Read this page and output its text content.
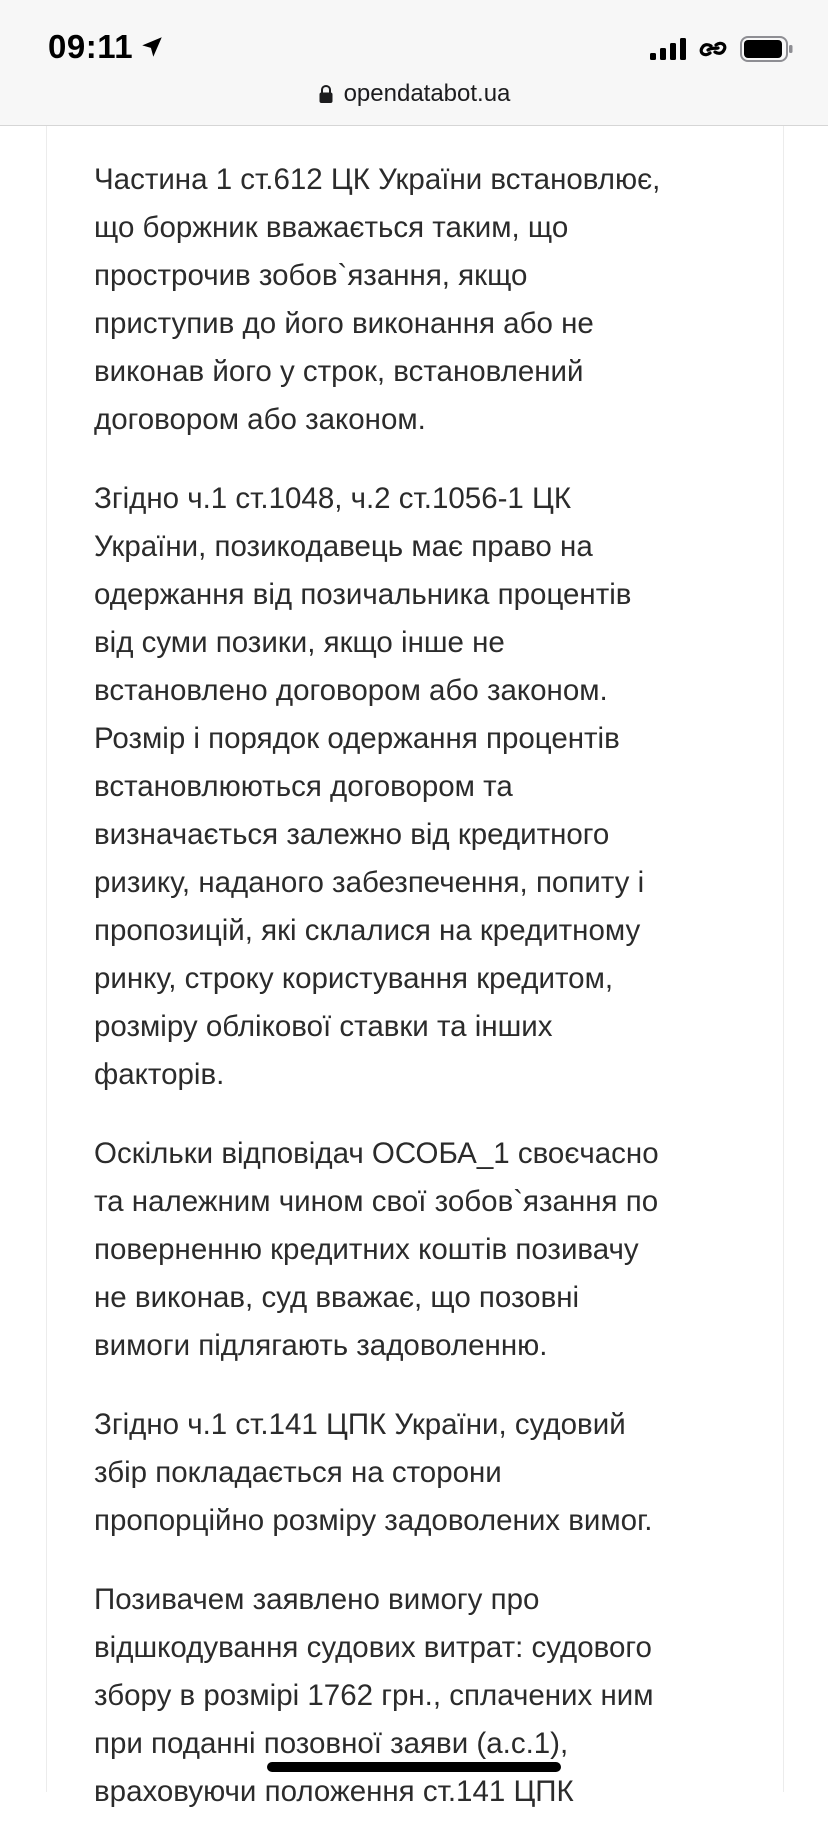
09:11
opendatabot.ua

Частина 1 ст.612 ЦК України встановлює,
що боржник вважається таким, що
прострочив зобов`язання, якщо
приступив до його виконання або не
виконав його у строк, встановлений
договором або законом.

Згідно ч.1 ст.1048, ч.2 ст.1056-1 ЦК
України, позикодавець має право на
одержання від позичальника процентів
від суми позики, якщо інше не
встановлено договором або законом.
Розмір і порядок одержання процентів
встановлюються договором та
визначається залежно від кредитного
ризику, наданого забезпечення, попиту і
пропозицій, які склалися на кредитному
ринку, строку користування кредитом,
розміру облікової ставки та інших
факторів.

Оскільки відповідач ОСОБА_1 своєчасно
та належним чином свої зобов`язання по
поверненню кредитних коштів позивачу
не виконав, суд вважає, що позовні
вимоги підлягають задоволенню.

Згідно ч.1 ст.141 ЦПК України, судовий
збір покладається на сторони
пропорційно розміру задоволених вимог.

Позивачем заявлено вимогу про
відшкодування судових витрат: судового
збору в розмірі 1762 грн., сплачених ним
при поданні позовної заяви (а.с.1),
враховуючи положення ст.141 ЦПК
